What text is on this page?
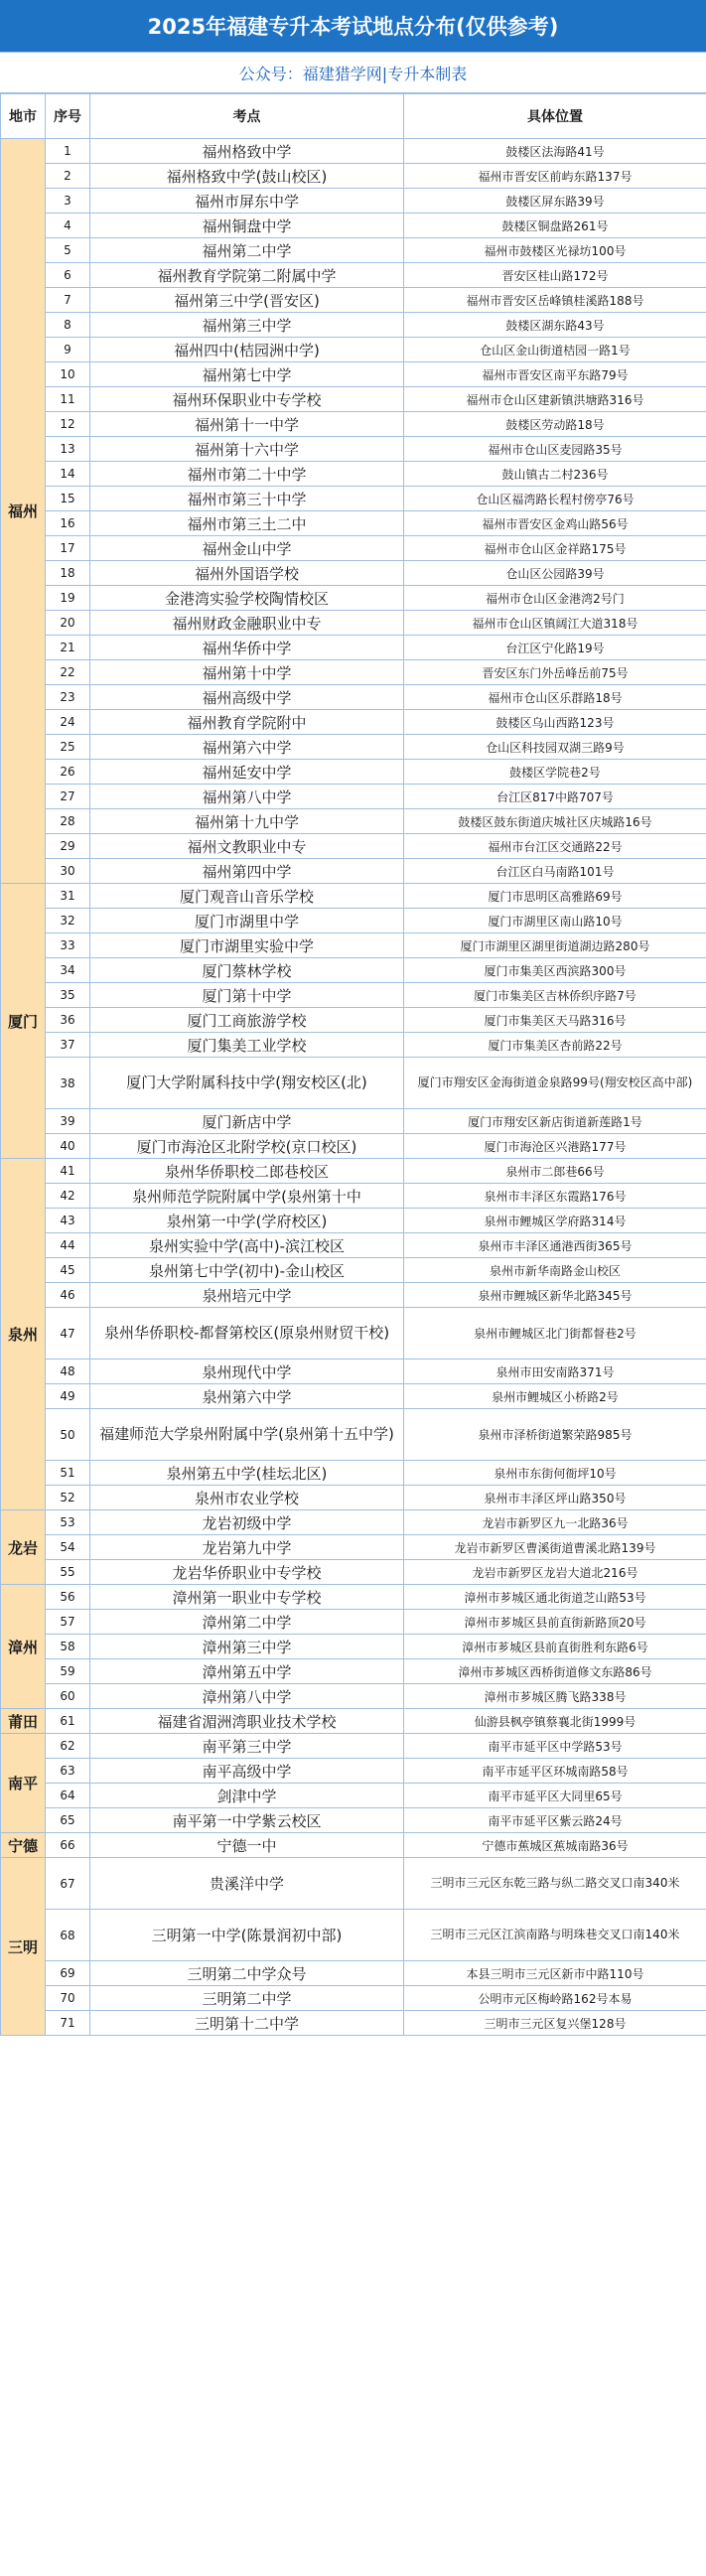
2025年福建专升本考试地点分布(仅供参考)
公众号：福建猎学网|专升本制表
地市	序号	考点	具体位置
福州	1	福州格致中学	鼓楼区法海路41号
	2	福州格致中学(鼓山校区)	福州市晋安区前屿东路137号
	3	福州市屏东中学	鼓楼区屏东路39号
	4	福州铜盘中学	鼓楼区铜盘路261号
	5	福州第二中学	福州市鼓楼区光禄坊100号
	6	福州教育学院第二附属中学	晋安区桂山路172号
	7	福州第三中学(晋安区)	福州市晋安区岳峰镇桂溪路188号
	8	福州第三中学	鼓楼区湖东路43号
	9	福州四中(桔园洲中学)	仓山区金山街道桔园一路1号
	10	福州第七中学	福州市晋安区南平东路79号
	11	福州环保职业中专学校	福州市仓山区建新镇洪塘路316号
	12	福州第十一中学	鼓楼区劳动路18号
	13	福州第十六中学	福州市仓山区麦园路35号
	14	福州市第二十中学	鼓山镇古二村236号
	15	福州市第三十中学	仓山区福湾路长程村傍亭76号
	16	福州市第三土二中	福州市晋安区金鸡山路56号
	17	福州金山中学	福州市仓山区金祥路175号
	18	福州外国语学校	仓山区公园路39号
	19	金港湾实验学校陶情校区	福州市仓山区金港湾2号门
	20	福州财政金融职业中专	福州市仓山区镇阔江大道318号
	21	福州华侨中学	台江区宁化路19号
	22	福州第十中学	晋安区东门外岳峰岳前75号
	23	福州高级中学	福州市仓山区乐群路18号
	24	福州教育学院附中	鼓楼区乌山西路123号
	25	福州第六中学	仓山区科技园双湖三路9号
	26	福州延安中学	鼓楼区学院巷2号
	27	福州第八中学	台江区817中路707号
	28	福州第十九中学	鼓楼区鼓东街道庆城社区庆城路16号
	29	福州文教职业中专	福州市台江区交通路22号
	30	福州第四中学	台江区白马南路101号
厦门	31	厦门观音山音乐学校	厦门市思明区高雅路69号
	32	厦门市湖里中学	厦门市湖里区南山路10号
	33	厦门市湖里实验中学	厦门市湖里区湖里街道湖边路280号
	34	厦门蔡林学校	厦门市集美区西滨路300号
	35	厦门第十中学	厦门市集美区吉林侨织序路7号
	36	厦门工商旅游学校	厦门市集美区天马路316号
	37	厦门集美工业学校	厦门市集美区杏前路22号
	38	厦门大学附属科技中学(翔安校区(北)	厦门市翔安区金海街道金泉路99号(翔安校区高中部)
	39	厦门新店中学	厦门市翔安区新店街道新莲路1号
	40	厦门市海沧区北附学校(京口校区)	厦门市海沧区兴港路177号
泉州	41	泉州华侨职校二郎巷校区	泉州市二郎巷66号
	42	泉州师范学院附属中学(泉州第十中	泉州市丰泽区东霞路176号
	43	泉州第一中学(学府校区)	泉州市鲤城区学府路314号
	44	泉州实验中学(高中)-滨江校区	泉州市丰泽区通港西街365号
	45	泉州第七中学(初中)-金山校区	泉州市新华南路金山校区
	46	泉州培元中学	泉州市鲤城区新华北路345号
	47	泉州华侨职校-都督第校区(原泉州财贸干校)	泉州市鲤城区北门街都督巷2号
	48	泉州现代中学	泉州市田安南路371号
	49	泉州第六中学	泉州市鲤城区小桥路2号
	50	福建师范大学泉州附属中学(泉州第十五中学)	泉州市泽桥街道繁荣路985号
	51	泉州第五中学(桂坛北区)	泉州市东街何衙坪10号
	52	泉州市农业学校	泉州市丰泽区坪山路350号
龙岩	53	龙岩初级中学	龙岩市新罗区九一北路36号
	54	龙岩第九中学	龙岩市新罗区曹溪街道曹溪北路139号
	55	龙岩华侨职业中专学校	龙岩市新罗区龙岩大道北216号
漳州	56	漳州第一职业中专学校	漳州市芗城区通北街道芝山路53号
	57	漳州第二中学	漳州市芗城区县前直街新路顶20号
	58	漳州第三中学	漳州市芗城区县前直街胜利东路6号
	59	漳州第五中学	漳州市芗城区西桥街道修文东路86号
	60	漳州第八中学	漳州市芗城区腾飞路338号
莆田	61	福建省湄洲湾职业技术学校	仙游县枫亭镇蔡襄北街1999号
南平	62	南平第三中学	南平市延平区中学路53号
	63	南平高级中学	南平市延平区环城南路58号
	64	剑津中学	南平市延平区大同里65号
	65	南平第一中学紫云校区	南平市延平区紫云路24号
宁德	66	宁德一中	宁德市蕉城区蕉城南路36号
三明	67	贵溪洋中学	三明市三元区东乾三路与纵二路交叉口南340米
	68	三明第一中学(陈景润初中部)	三明市三元区江滨南路与明珠巷交叉口南140米
	69	三明第二中学众号	本县三明市三元区新市中路110号
	70	三明第二中学	公明市元区梅岭路162号本易
	71	三明第十二中学	三明市三元区复兴堡128号
